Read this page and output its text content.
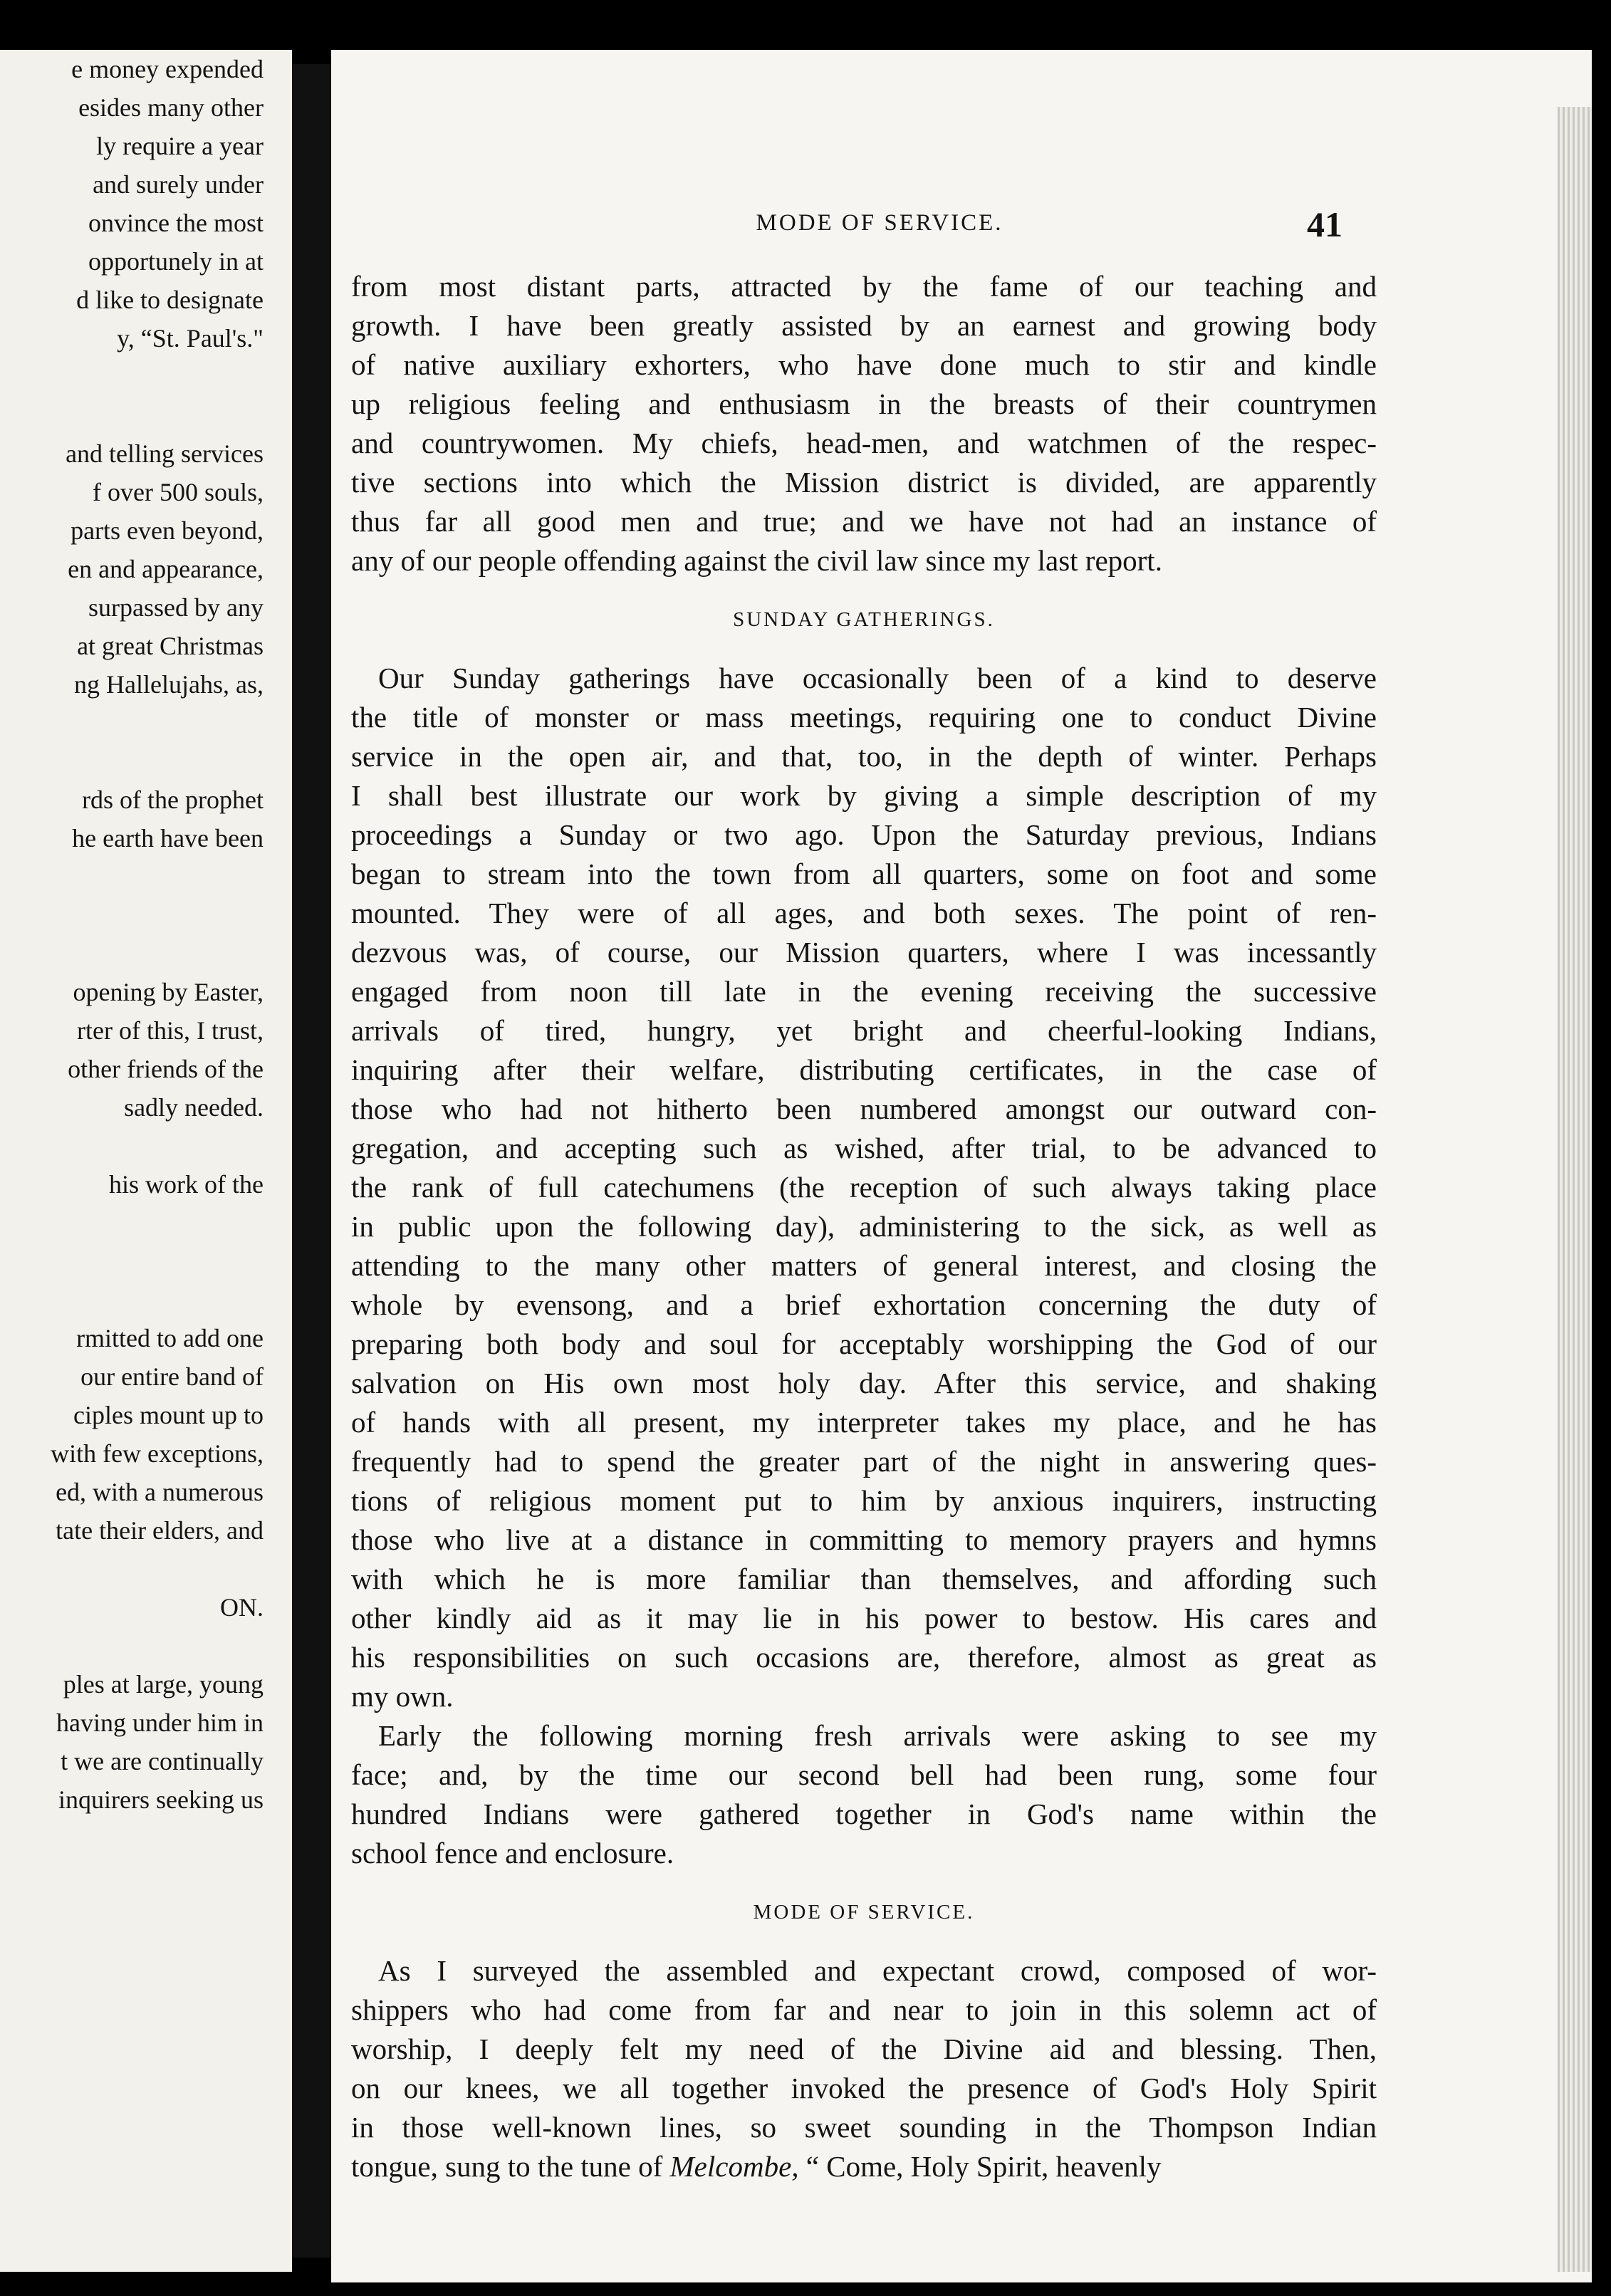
e money expended
esides many other
ly require a year
and surely under
onvince the most
opportunely in at
d like to designate
y, “St. Paul's."
and telling services
f over 500 souls,
parts even beyond,
en and appearance,
surpassed by any
at great Christmas
ng Hallelujahs, as,
rds of the prophet
he earth have been
opening by Easter,
rter of this, I trust,
other friends of the
sadly needed.
his work of the
rmitted to add one
our entire band of
ciples mount up to
with few exceptions,
ed, with a numerous
tate their elders, and
ON.
ples at large, young
having under him in
t we are continually
inquirers seeking us
MODE OF SERVICE.	41
from most distant parts, attracted by the fame of our teaching and
growth. I have been greatly assisted by an earnest and growing body
of native auxiliary exhorters, who have done much to stir and kindle
up religious feeling and enthusiasm in the breasts of their countrymen
and countrywomen. My chiefs, head-men, and watchmen of the respec-
tive sections into which the Mission district is divided, are apparently
thus far all good men and true; and we have not had an instance of
any of our people offending against the civil law since my last report.
SUNDAY GATHERINGS.
Our Sunday gatherings have occasionally been of a kind to deserve
the title of monster or mass meetings, requiring one to conduct Divine
service in the open air, and that, too, in the depth of winter. Perhaps
I shall best illustrate our work by giving a simple description of my
proceedings a Sunday or two ago. Upon the Saturday previous, Indians
began to stream into the town from all quarters, some on foot and some
mounted. They were of all ages, and both sexes. The point of ren-
dezvous was, of course, our Mission quarters, where I was incessantly
engaged from noon till late in the evening receiving the successive
arrivals of tired, hungry, yet bright and cheerful-looking Indians,
inquiring after their welfare, distributing certificates, in the case of
those who had not hitherto been numbered amongst our outward con-
gregation, and accepting such as wished, after trial, to be advanced to
the rank of full catechumens (the reception of such always taking place
in public upon the following day), administering to the sick, as well as
attending to the many other matters of general interest, and closing the
whole by evensong, and a brief exhortation concerning the duty of
preparing both body and soul for acceptably worshipping the God of our
salvation on His own most holy day. After this service, and shaking
of hands with all present, my interpreter takes my place, and he has
frequently had to spend the greater part of the night in answering ques-
tions of religious moment put to him by anxious inquirers, instructing
those who live at a distance in committing to memory prayers and hymns
with which he is more familiar than themselves, and affording such
other kindly aid as it may lie in his power to bestow. His cares and
his responsibilities on such occasions are, therefore, almost as great as
my own.
Early the following morning fresh arrivals were asking to see my
face; and, by the time our second bell had been rung, some four
hundred Indians were gathered together in God's name within the
school fence and enclosure.
MODE OF SERVICE.
As I surveyed the assembled and expectant crowd, composed of wor-
shippers who had come from far and near to join in this solemn act of
worship, I deeply felt my need of the Divine aid and blessing. Then,
on our knees, we all together invoked the presence of God's Holy Spirit
in those well-known lines, so sweet sounding in the Thompson Indian
tongue, sung to the tune of Melcombe, “ Come, Holy Spirit, heavenly
